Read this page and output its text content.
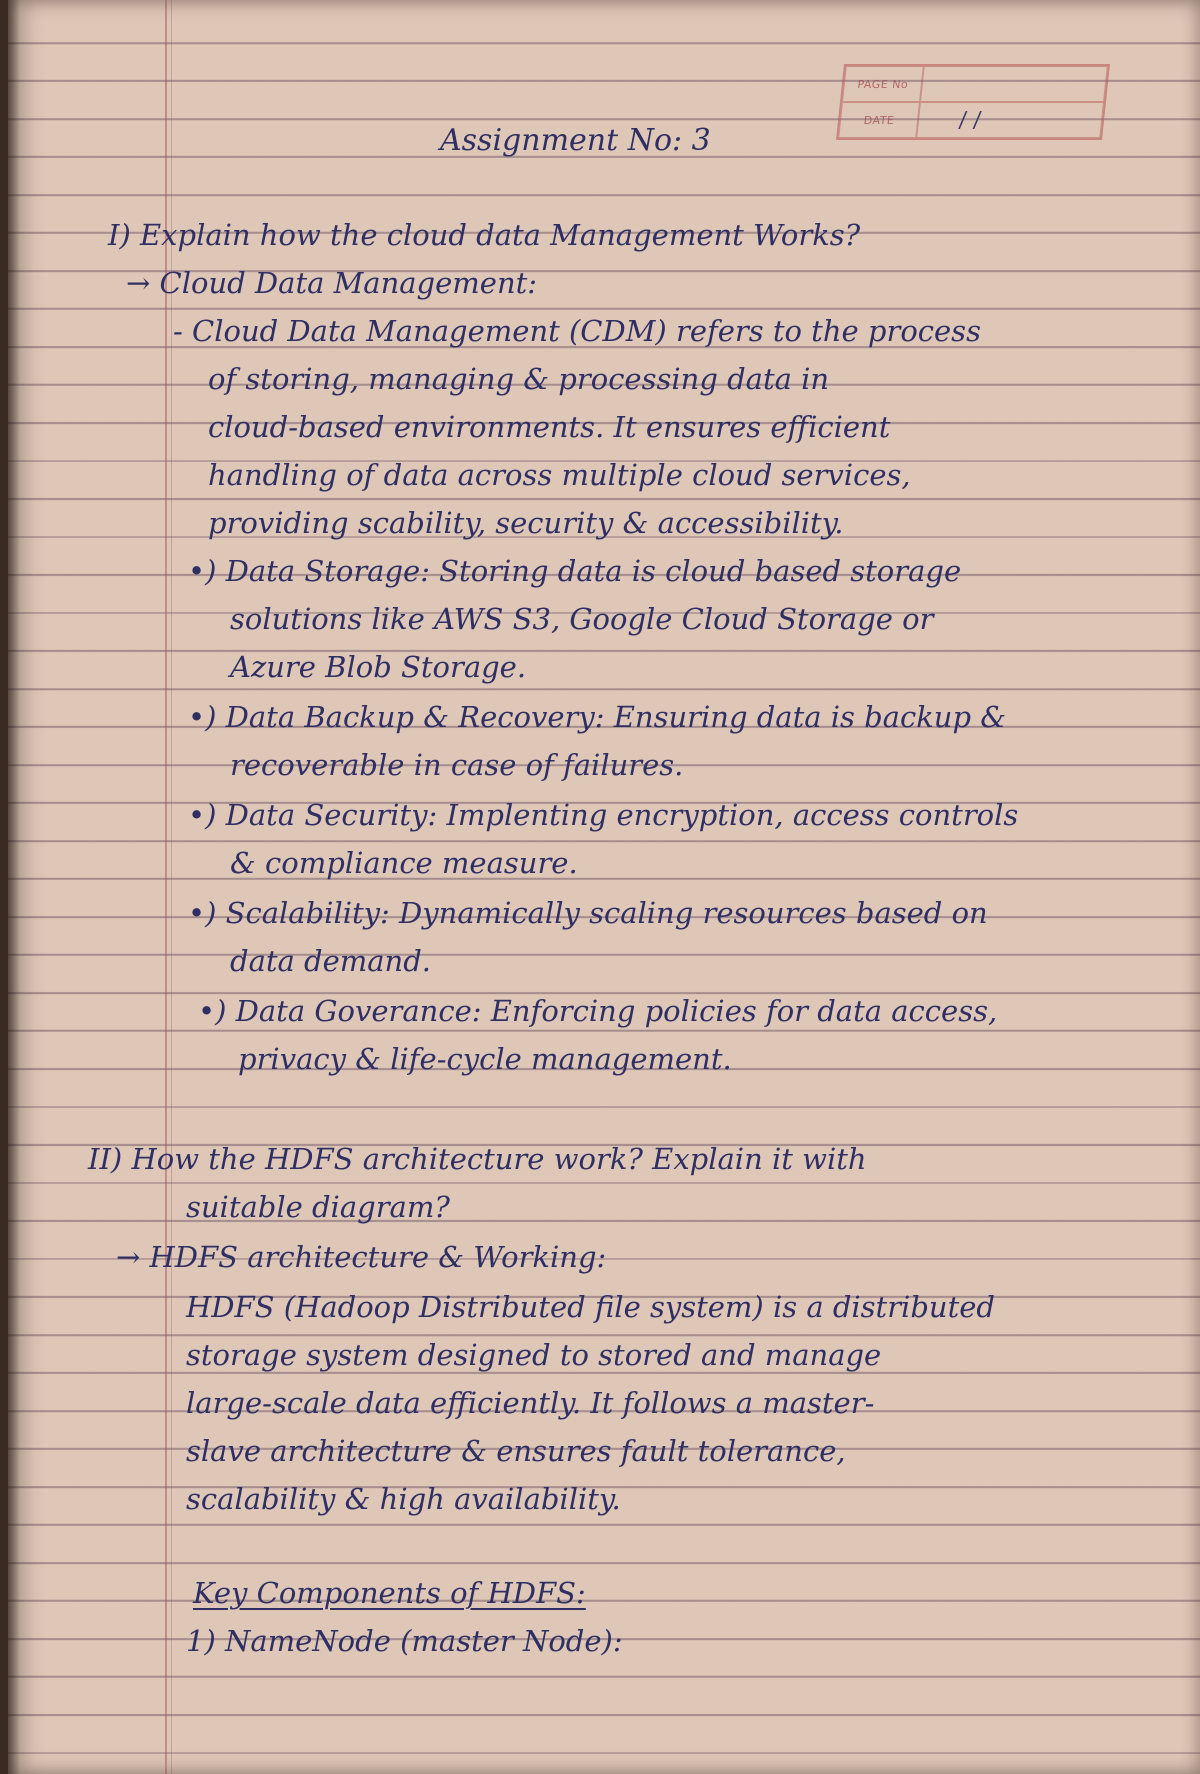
PAGE No
DATE	/ /
Assignment No: 3
I) Explain how the cloud data Management Works?
→ Cloud Data Management:
- Cloud Data Management (CDM) refers to the process
of storing, managing & processing data in
cloud-based environments. It ensures efficient
handling of data across multiple cloud services,
providing scability, security & accessibility.
•) Data Storage: Storing data is cloud based storage
solutions like AWS S3, Google Cloud Storage or
Azure Blob Storage.
•) Data Backup & Recovery: Ensuring data is backup &
recoverable in case of failures.
•) Data Security: Implenting encryption, access controls
& compliance measure.
•) Scalability: Dynamically scaling resources based on
data demand.
•) Data Goverance: Enforcing policies for data access,
privacy & life-cycle management.
II) How the HDFS architecture work? Explain it with
suitable diagram?
→ HDFS architecture & Working:
HDFS (Hadoop Distributed file system) is a distributed
storage system designed to stored and manage
large-scale data efficiently. It follows a master-
slave architecture & ensures fault tolerance,
scalability & high availability.
Key Components of HDFS:
1) NameNode (master Node):
